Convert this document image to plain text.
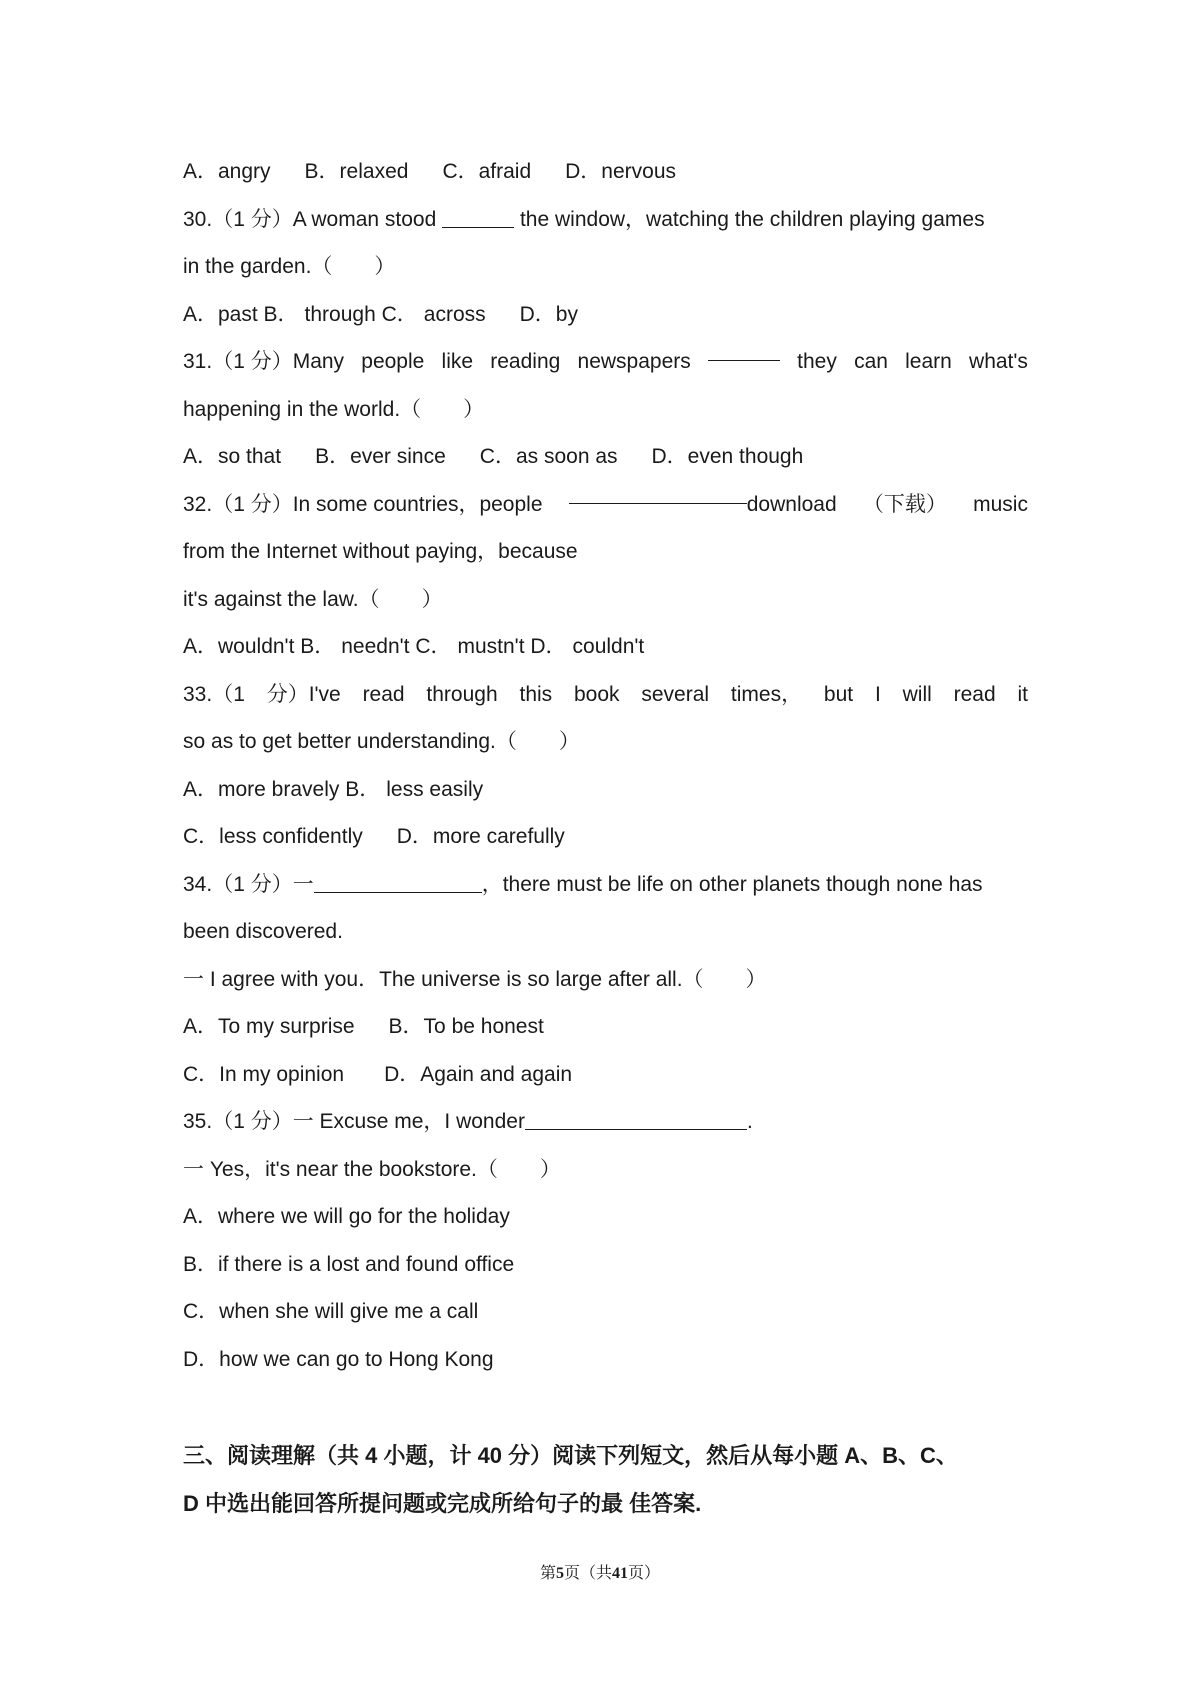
A．angry B．relaxed C．afraid D．nervous
30.（1 分）A woman stood	the window，watching the children playing games
in the garden.（　　）
A．past B． through C． across D．by
31.（1 分）Many people like reading newspapers	they can learn what's
happening in the world.（　　）
A．so that B．ever since C．as soon as D．even though
32.（1 分）In some countries，people	download （下载） music
from the Internet without paying，because
it's against the law.（　　）
A．wouldn't B． needn't C． mustn't D． couldn't
33.（1 分）I've read through this book several times， but I will read it
so as to get better understanding.（　　）
A．more bravely B． less easily
C．less confidently D．more carefully
34.（1 分）一	，there must be life on other planets though none has
been discovered.
一 I agree with you．The universe is so large after all.（　　）
A．To my surprise B．To be honest
C．In my opinion D．Again and again
35.（1 分）一 Excuse me，I wonder	.
一 Yes，it's near the bookstore.（　　）
A．where we will go for the holiday
B．if there is a lost and found office
C．when she will give me a call
D．how we can go to Hong Kong
三、阅读理解（共 4 小题，计 40 分）阅读下列短文，然后从每小题 A、B、C、
D 中选出能回答所提问题或完成所给句子的最 佳答案.
第5页（共41页）
